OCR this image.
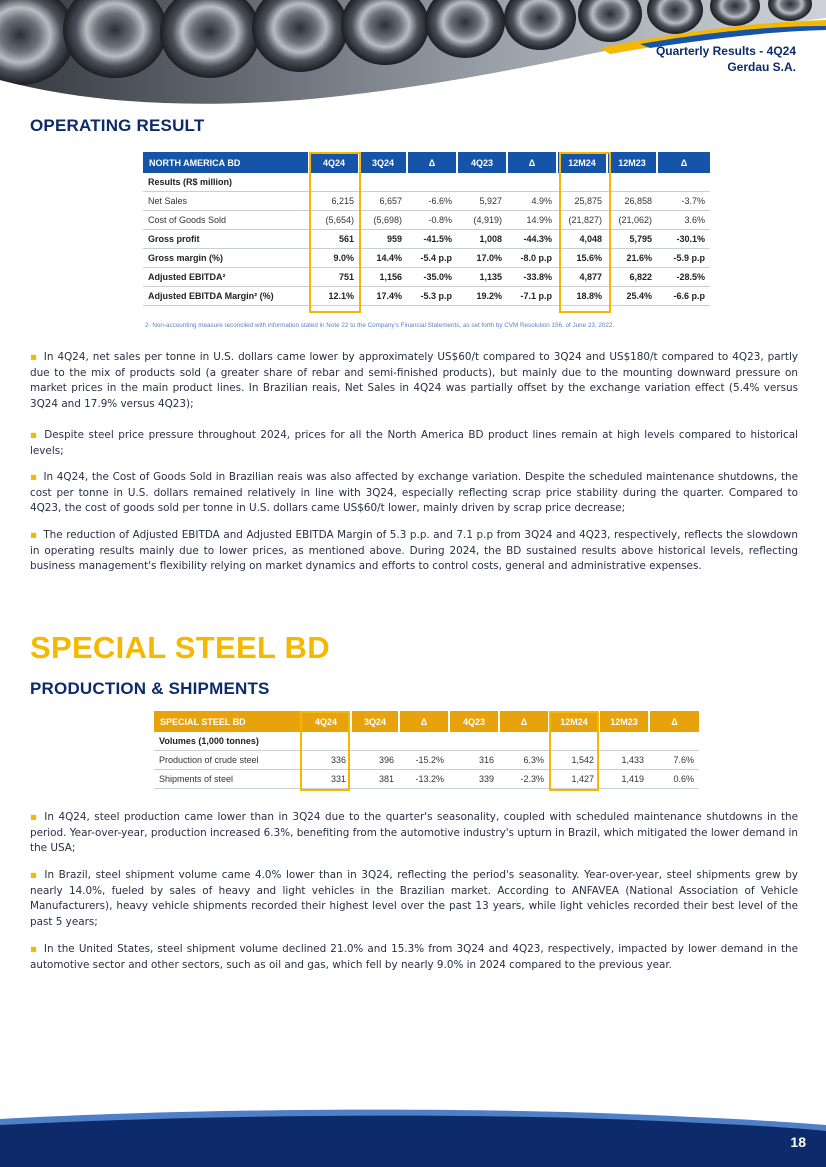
Quarterly Results - 4Q24
Gerdau S.A.
OPERATING RESULT
NORTH AMERICA BD	4Q24	3Q24	Δ	4Q23	Δ	12M24	12M23	Δ
Results (R$ million)								
Net Sales	6,215	6,657	-6.6%	5,927	4.9%	25,875	26,858	-3.7%
Cost of Goods Sold	(5,654)	(5,698)	-0.8%	(4,919)	14.9%	(21,827)	(21,062)	3.6%
Gross profit	561	959	-41.5%	1,008	-44.3%	4,048	5,795	-30.1%
Gross margin (%)	9.0%	14.4%	-5.4 p.p	17.0%	-8.0 p.p	15.6%	21.6%	-5.9 p.p
Adjusted EBITDA²	751	1,156	-35.0%	1,135	-33.8%	4,877	6,822	-28.5%
Adjusted EBITDA Margin² (%)	12.1%	17.4%	-5.3 p.p	19.2%	-7.1 p.p	18.8%	25.4%	-6.6 p.p
2- Non-accounting measure reconciled with information stated in Note 22 to the Company's Financial Statements, as set forth by CVM Resolution 156, of June 23, 2022.

▪ In 4Q24, net sales per tonne in U.S. dollars came lower by approximately US$60/t compared to 3Q24 and US$180/t compared to 4Q23, partly due to the mix of products sold (a greater share of rebar and semi-finished products), but mainly due to the mounting downward pressure on market prices in the main product lines. In Brazilian reais, Net Sales in 4Q24 was partially offset by the exchange variation effect (5.4% versus 3Q24 and 17.9% versus 4Q23);

▪ Despite steel price pressure throughout 2024, prices for all the North America BD product lines remain at high levels compared to historical levels;

▪ In 4Q24, the Cost of Goods Sold in Brazilian reais was also affected by exchange variation. Despite the scheduled maintenance shutdowns, the cost per tonne in U.S. dollars remained relatively in line with 3Q24, especially reflecting scrap price stability during the quarter. Compared to 4Q23, the cost of goods sold per tonne in U.S. dollars came US$60/t lower, mainly driven by scrap price decrease;

▪ The reduction of Adjusted EBITDA and Adjusted EBITDA Margin of 5.3 p.p. and 7.1 p.p from 3Q24 and 4Q23, respectively, reflects the slowdown in operating results mainly due to lower prices, as mentioned above. During 2024, the BD sustained results above historical levels, reflecting business management's flexibility relying on market dynamics and efforts to control costs, general and administrative expenses.

SPECIAL STEEL BD
PRODUCTION & SHIPMENTS
SPECIAL STEEL BD	4Q24	3Q24	Δ	4Q23	Δ	12M24	12M23	Δ
Volumes (1,000 tonnes)								
Production of crude steel	336	396	-15.2%	316	6.3%	1,542	1,433	7.6%
Shipments of steel	331	381	-13.2%	339	-2.3%	1,427	1,419	0.6%

▪ In 4Q24, steel production came lower than in 3Q24 due to the quarter's seasonality, coupled with scheduled maintenance shutdowns in the period. Year-over-year, production increased 6.3%, benefiting from the automotive industry's upturn in Brazil, which mitigated the lower demand in the USA;

▪ In Brazil, steel shipment volume came 4.0% lower than in 3Q24, reflecting the period's seasonality. Year-over-year, steel shipments grew by nearly 14.0%, fueled by sales of heavy and light vehicles in the Brazilian market. According to ANFAVEA (National Association of Vehicle Manufacturers), heavy vehicle shipments recorded their highest level over the past 13 years, while light vehicles recorded their best level of the past 5 years;

▪ In the United States, steel shipment volume declined 21.0% and 15.3% from 3Q24 and 4Q23, respectively, impacted by lower demand in the automotive sector and other sectors, such as oil and gas, which fell by nearly 9.0% in 2024 compared to the previous year.

18
